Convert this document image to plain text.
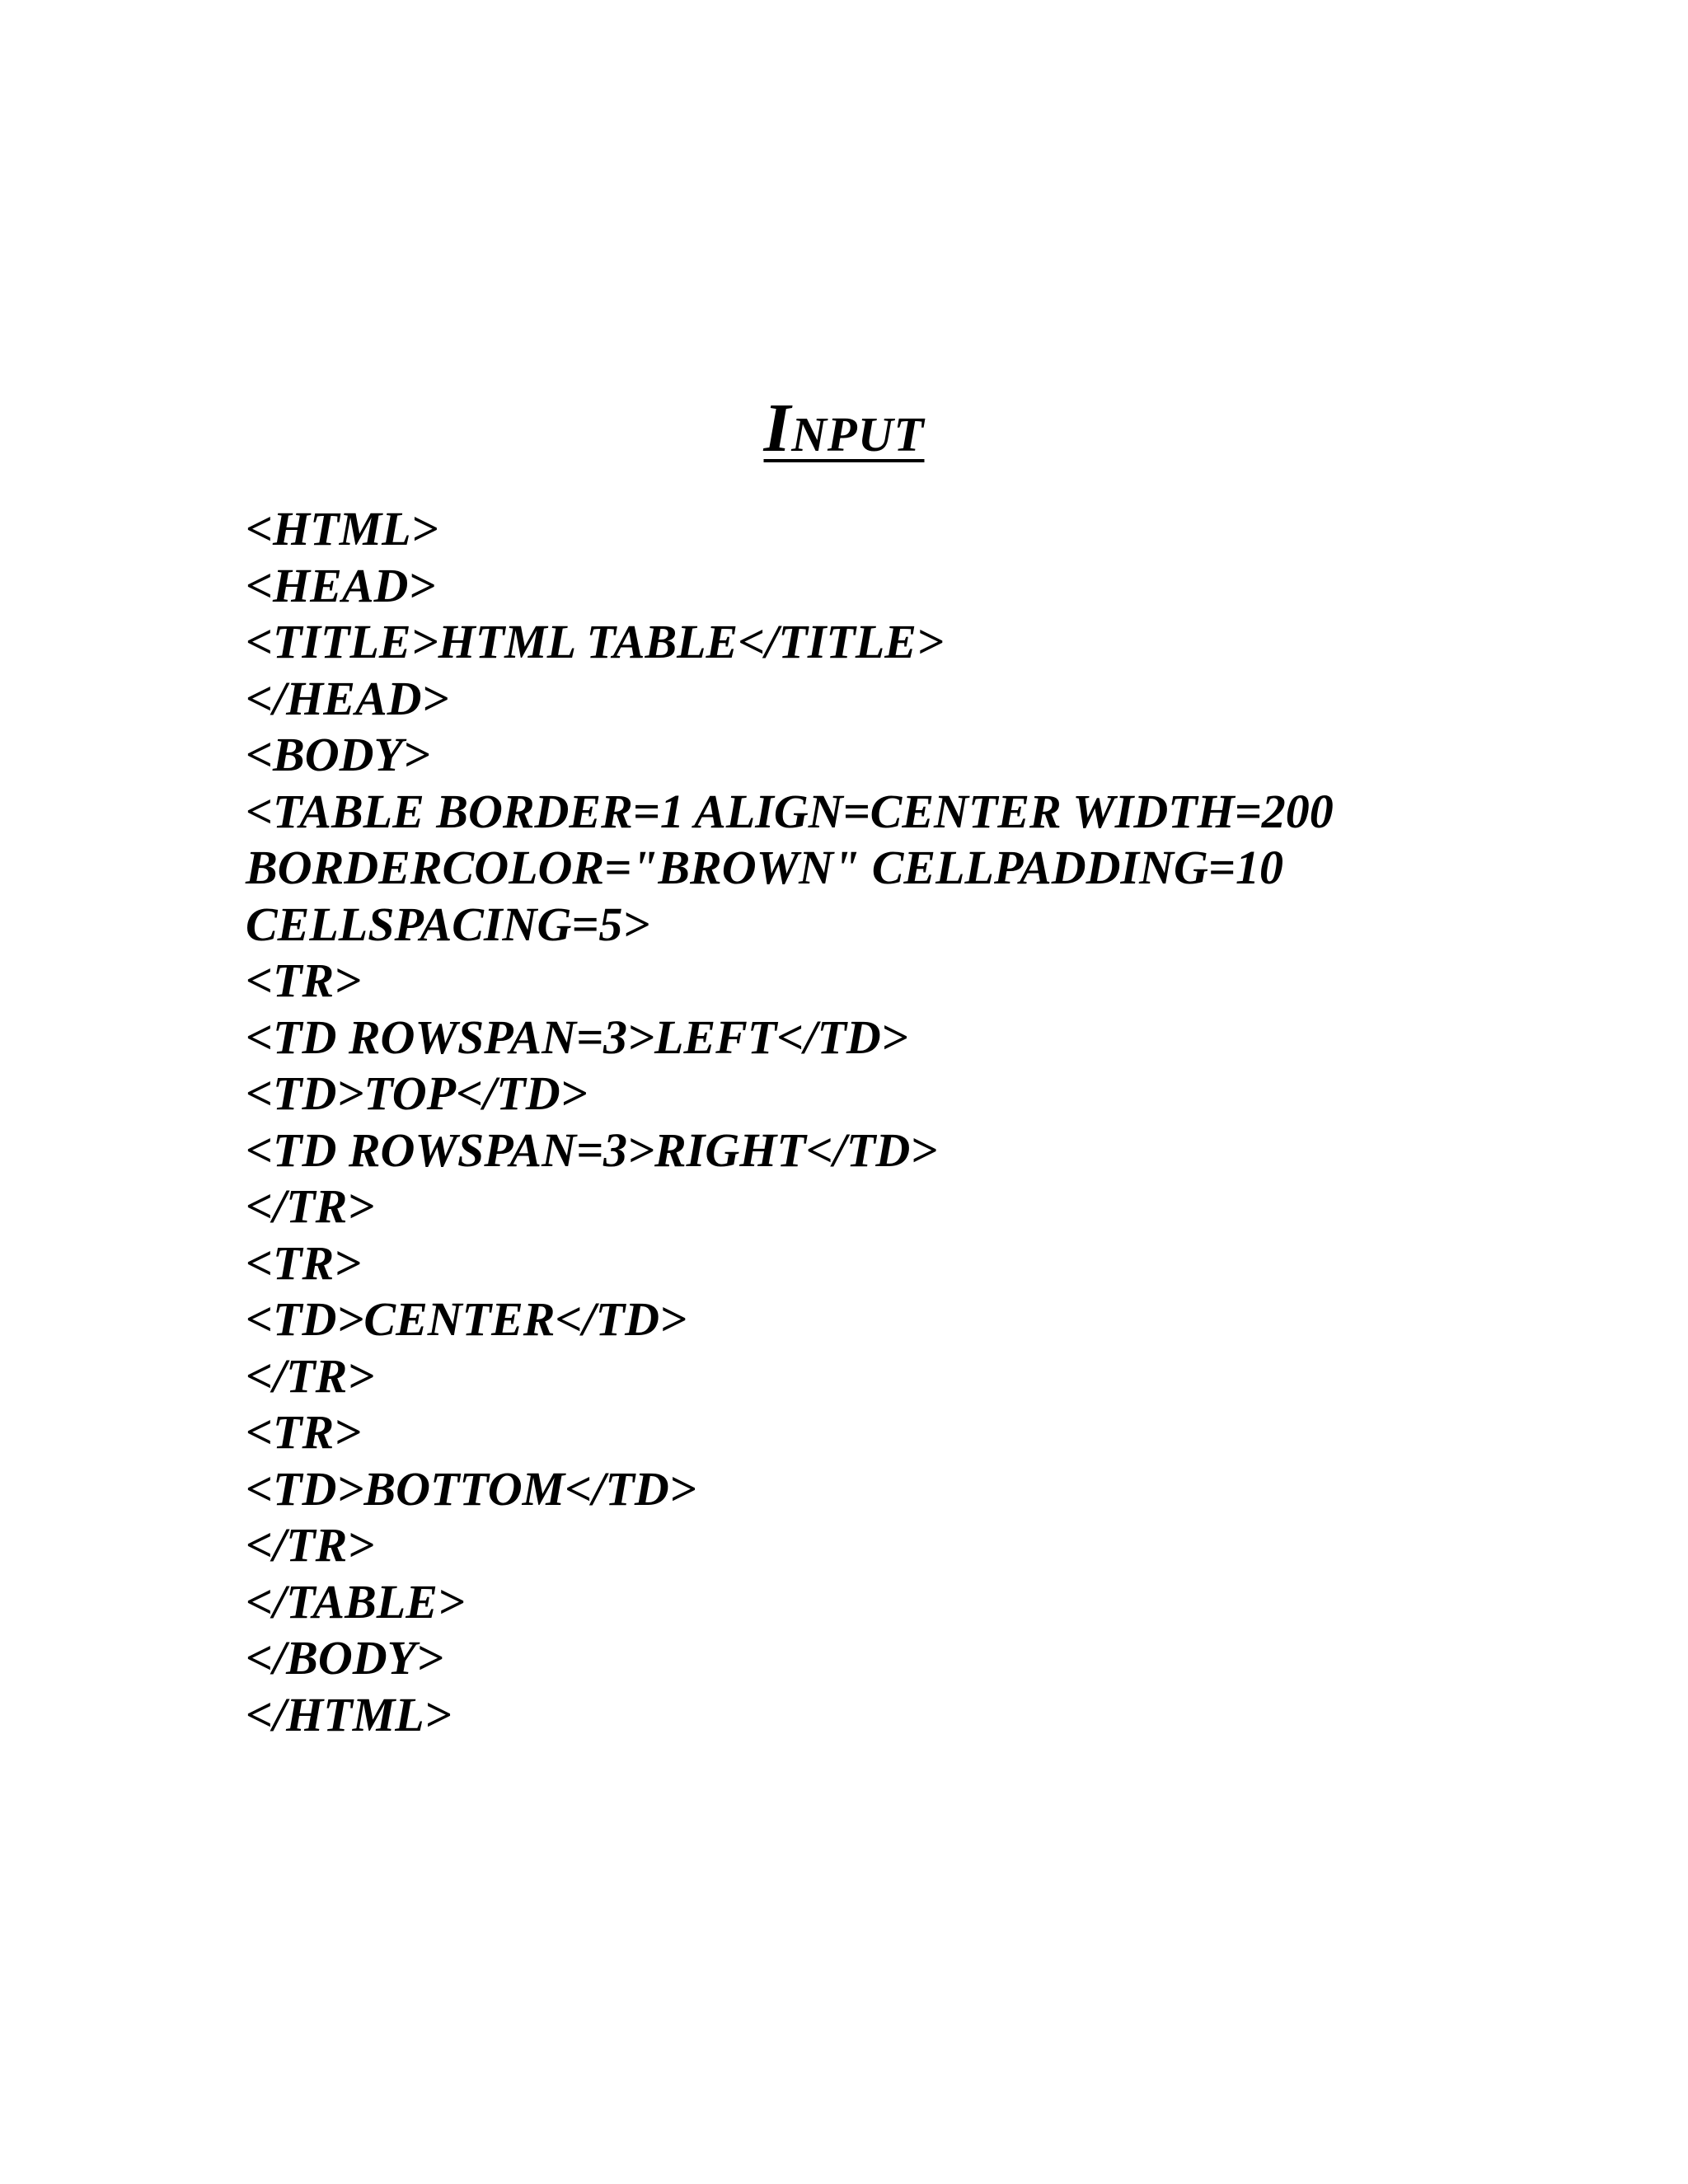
Input
<HTML>
<HEAD>
<TITLE>HTML TABLE</TITLE>
</HEAD>
<BODY>
<TABLE BORDER=1 ALIGN=CENTER WIDTH=200
BORDERCOLOR="BROWN" CELLPADDING=10
CELLSPACING=5>
<TR>
<TD ROWSPAN=3>LEFT</TD>
<TD>TOP</TD>
<TD ROWSPAN=3>RIGHT</TD>
</TR>
<TR>
<TD>CENTER</TD>
</TR>
<TR>
<TD>BOTTOM</TD>
</TR>
</TABLE>
</BODY>
</HTML>
